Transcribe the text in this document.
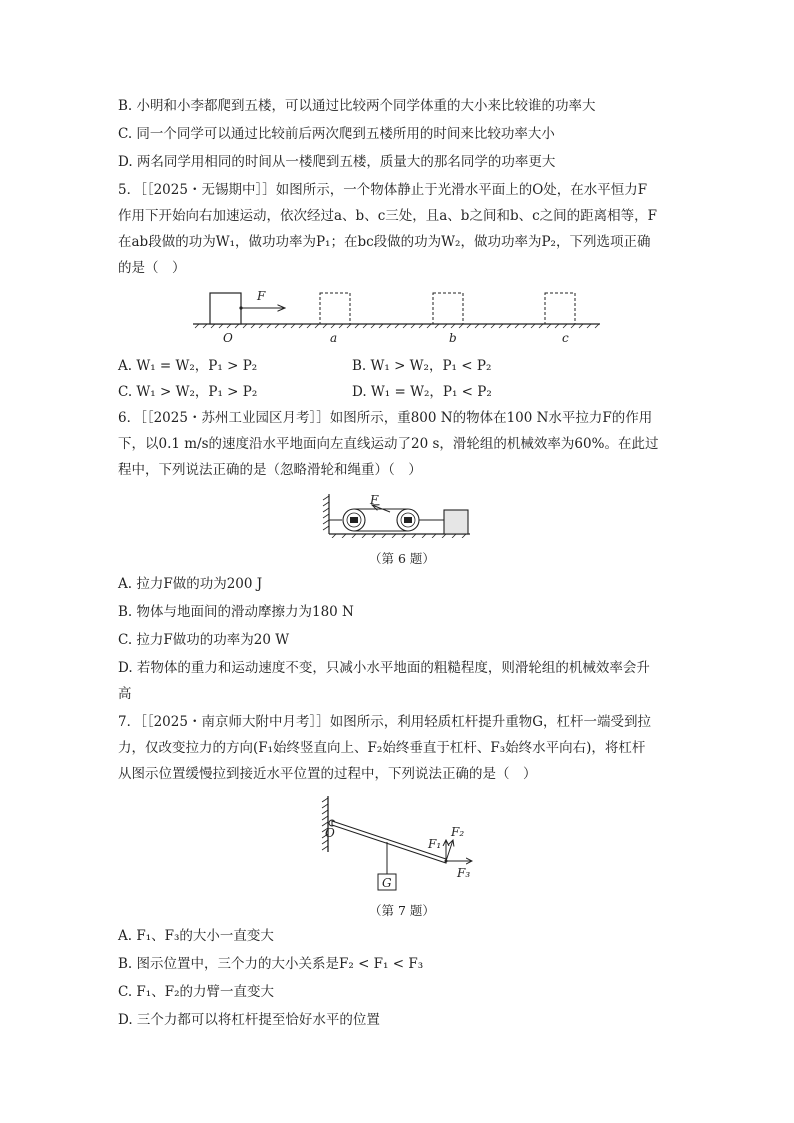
B. 小明和小李都爬到五楼，可以通过比较两个同学体重的大小来比较谁的功率大
C. 同一个同学可以通过比较前后两次爬到五楼所用的时间来比较功率大小
D. 两名同学用相同的时间从一楼爬到五楼，质量大的那名同学的功率更大
5．［［2025・无锡期中］］如图所示，一个物体静止于光滑水平面上的O处，在水平恒力F
作用下开始向右加速运动，依次经过a、b、c三处，且a、b之间和b、c之间的距离相等，F
在ab段做的功为W₁，做功功率为P₁；在bc段做的功为W₂，做功功率为P₂，下列选项正确
的是（　）
F
O	a	b	c
A. W₁ = W₂，P₁ > P₂	B. W₁ > W₂，P₁ < P₂
C. W₁ > W₂，P₁ > P₂	D. W₁ = W₂，P₁ < P₂
6．［［2025・苏州工业园区月考］］如图所示，重800 N的物体在100 N水平拉力F的作用
下，以0.1 m/s的速度沿水平地面向左直线运动了20 s，滑轮组的机械效率为60%。在此过
程中，下列说法正确的是（忽略滑轮和绳重）（　）
F
（第 6 题）
A. 拉力F做的功为200 J
B. 物体与地面间的滑动摩擦力为180 N
C. 拉力F做功的功率为20 W
D. 若物体的重力和运动速度不变，只减小水平地面的粗糙程度，则滑轮组的机械效率会升
高
7．［［2025・南京师大附中月考］］如图所示，利用轻质杠杆提升重物G，杠杆一端受到拉
力，仅改变拉力的方向(F₁始终竖直向上、F₂始终垂直于杠杆、F₃始终水平向右)，将杠杆
从图示位置缓慢拉到接近水平位置的过程中，下列说法正确的是（　）
O
G
F₁
F₂
F₃
（第 7 题）
A. F₁、F₃的大小一直变大
B. 图示位置中，三个力的大小关系是F₂ < F₁ < F₃
C. F₁、F₂的力臂一直变大
D. 三个力都可以将杠杆提至恰好水平的位置
